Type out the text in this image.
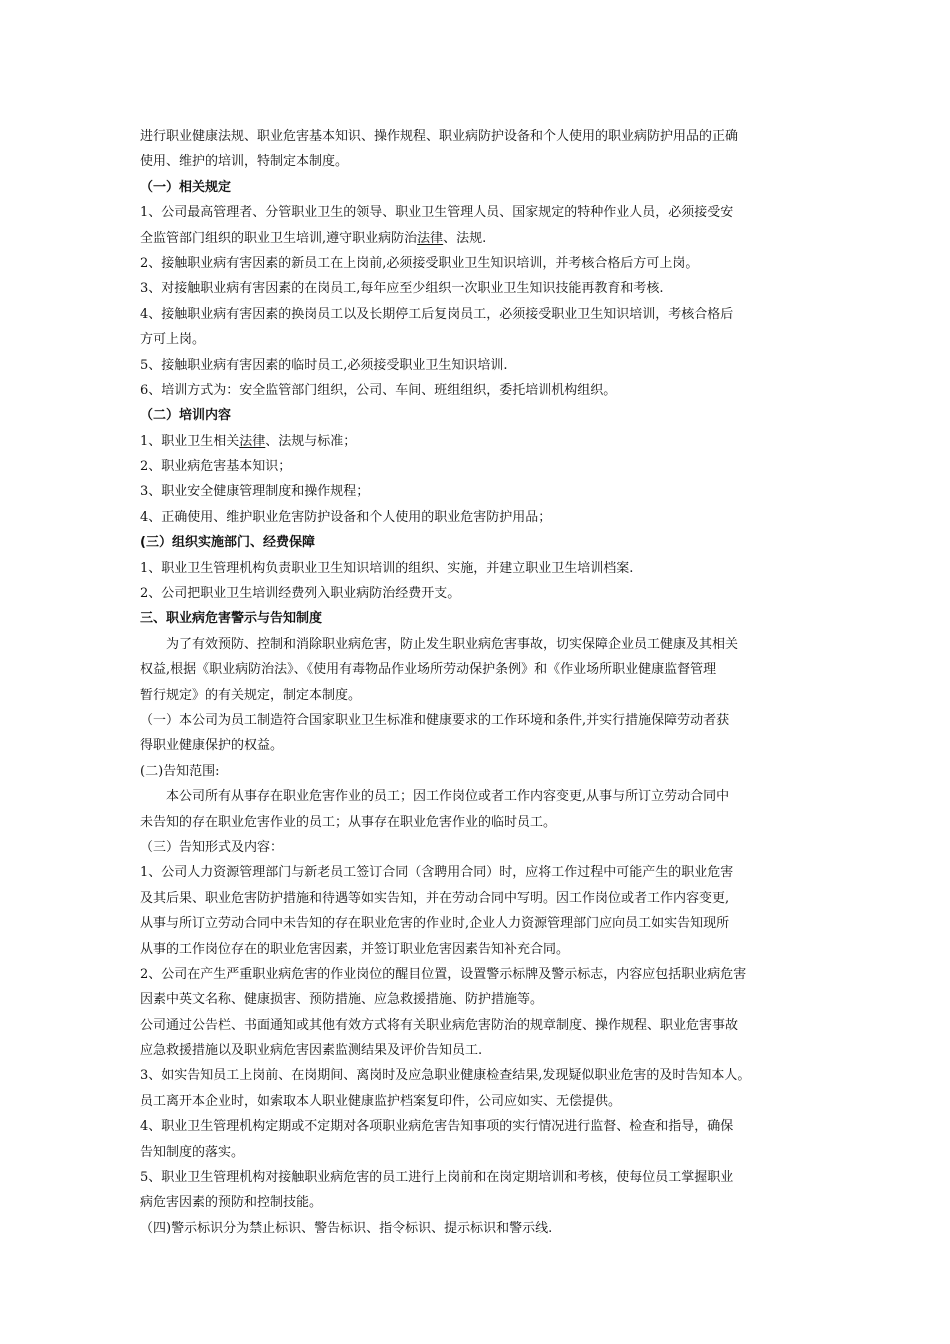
进行职业健康法规、职业危害基本知识、操作规程、职业病防护设备和个人使用的职业病防护用品的正确
使用、维护的培训，特制定本制度。
（一）相关规定
1、公司最高管理者、分管职业卫生的领导、职业卫生管理人员、国家规定的特种作业人员，必须接受安
全监管部门组织的职业卫生培训,遵守职业病防治法律、法规.
2、接触职业病有害因素的新员工在上岗前,必须接受职业卫生知识培训，并考核合格后方可上岗。
3、对接触职业病有害因素的在岗员工,每年应至少组织一次职业卫生知识技能再教育和考核.
4、接触职业病有害因素的换岗员工以及长期停工后复岗员工，必须接受职业卫生知识培训，考核合格后
方可上岗。
5、接触职业病有害因素的临时员工,必须接受职业卫生知识培训.
6、培训方式为：安全监管部门组织，公司、车间、班组组织，委托培训机构组织。
（二）培训内容
1、职业卫生相关法律、法规与标准；
2、职业病危害基本知识；
3、职业安全健康管理制度和操作规程；
4、正确使用、维护职业危害防护设备和个人使用的职业危害防护用品；
(三）组织实施部门、经费保障
1、职业卫生管理机构负责职业卫生知识培训的组织、实施，并建立职业卫生培训档案.
2、公司把职业卫生培训经费列入职业病防治经费开支。
三、职业病危害警示与告知制度
　　为了有效预防、控制和消除职业病危害，防止发生职业病危害事故，切实保障企业员工健康及其相关
权益,根据《职业病防治法》、《使用有毒物品作业场所劳动保护条例》和《作业场所职业健康监督管理
暂行规定》的有关规定，制定本制度。
（一）本公司为员工制造符合国家职业卫生标准和健康要求的工作环境和条件,并实行措施保障劳动者获
得职业健康保护的权益。
(二)告知范围:
　　本公司所有从事存在职业危害作业的员工；因工作岗位或者工作内容变更,从事与所订立劳动合同中
未告知的存在职业危害作业的员工；从事存在职业危害作业的临时员工。
（三）告知形式及内容：
1、公司人力资源管理部门与新老员工签订合同（含聘用合同）时，应将工作过程中可能产生的职业危害
及其后果、职业危害防护措施和待遇等如实告知，并在劳动合同中写明。因工作岗位或者工作内容变更,
从事与所订立劳动合同中未告知的存在职业危害的作业时,企业人力资源管理部门应向员工如实告知现所
从事的工作岗位存在的职业危害因素，并签订职业危害因素告知补充合同。
2、公司在产生严重职业病危害的作业岗位的醒目位置，设置警示标牌及警示标志，内容应包括职业病危害
因素中英文名称、健康损害、预防措施、应急救援措施、防护措施等。
公司通过公告栏、书面通知或其他有效方式将有关职业病危害防治的规章制度、操作规程、职业危害事故
应急救援措施以及职业病危害因素监测结果及评价告知员工.
3、如实告知员工上岗前、在岗期间、离岗时及应急职业健康检查结果,发现疑似职业危害的及时告知本人。
员工离开本企业时，如索取本人职业健康监护档案复印件，公司应如实、无偿提供。
4、职业卫生管理机构定期或不定期对各项职业病危害告知事项的实行情况进行监督、检查和指导，确保
告知制度的落实。
5、职业卫生管理机构对接触职业病危害的员工进行上岗前和在岗定期培训和考核，使每位员工掌握职业
病危害因素的预防和控制技能。
（四)警示标识分为禁止标识、警告标识、指令标识、提示标识和警示线.
